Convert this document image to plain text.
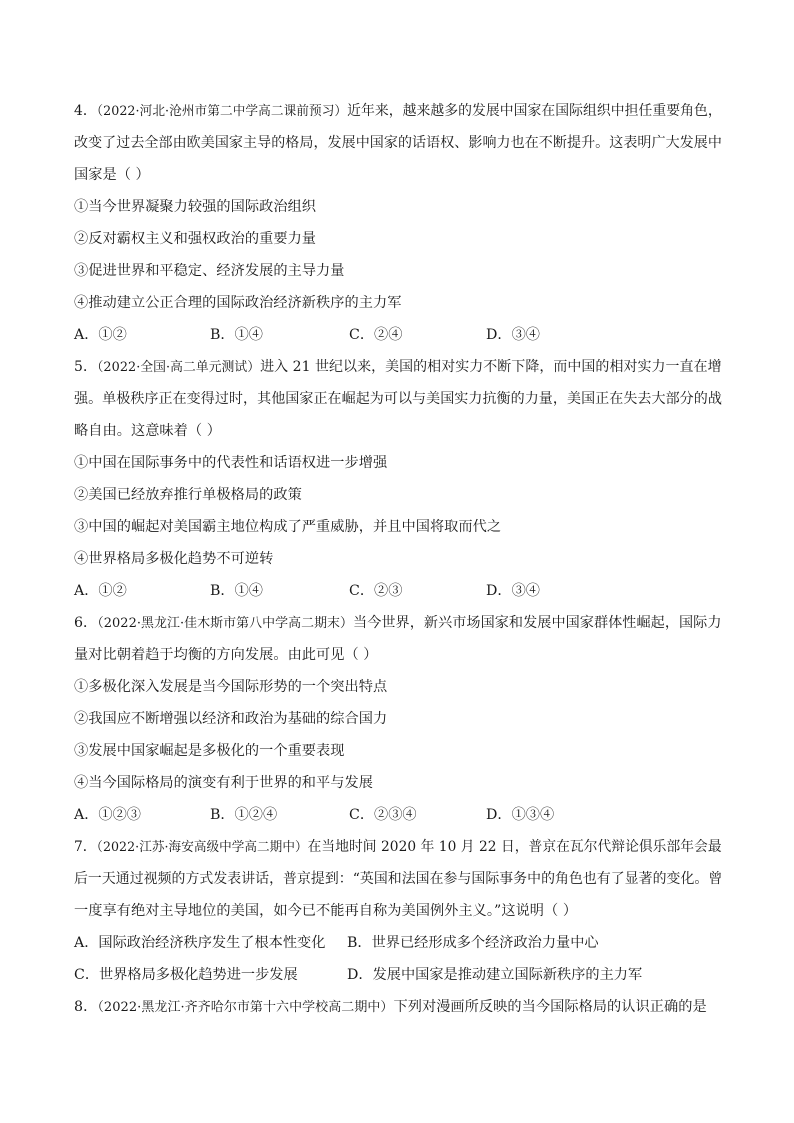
4．（2022·河北·沧州市第二中学高二课前预习）近年来，越来越多的发展中国家在国际组织中担任重要角色，
改变了过去全部由欧美国家主导的格局，发展中国家的话语权、影响力也在不断提升。这表明广大发展中
国家是（ ）
①当今世界凝聚力较强的国际政治组织
②反对霸权主义和强权政治的重要力量
③促进世界和平稳定、经济发展的主导力量
④推动建立公正合理的国际政治经济新秩序的主力军
A．①②	B．①④	C．②④	D．③④
5．（2022·全国·高二单元测试）进入 21 世纪以来，美国的相对实力不断下降，而中国的相对实力一直在增
强。单极秩序正在变得过时，其他国家正在崛起为可以与美国实力抗衡的力量，美国正在失去大部分的战
略自由。这意味着（ ）
①中国在国际事务中的代表性和话语权进一步增强
②美国已经放弃推行单极格局的政策
③中国的崛起对美国霸主地位构成了严重威胁，并且中国将取而代之
④世界格局多极化趋势不可逆转
A．①②	B．①④	C．②③	D．③④
6．（2022·黑龙江·佳木斯市第八中学高二期末）当今世界，新兴市场国家和发展中国家群体性崛起，国际力
量对比朝着趋于均衡的方向发展。由此可见（ ）
①多极化深入发展是当今国际形势的一个突出特点
②我国应不断增强以经济和政治为基础的综合国力
③发展中国家崛起是多极化的一个重要表现
④当今国际格局的演变有利于世界的和平与发展
A．①②③	B．①②④	C．②③④	D．①③④
7．（2022·江苏·海安高级中学高二期中）在当地时间 2020 年 10 月 22 日，普京在瓦尔代辩论俱乐部年会最
后一天通过视频的方式发表讲话，普京提到：“英国和法国在参与国际事务中的角色也有了显著的变化。曾
一度享有绝对主导地位的美国，如今已不能再自称为美国例外主义。”这说明（ ）
A．国际政治经济秩序发生了根本性变化 B．世界已经形成多个经济政治力量中心
C．世界格局多极化趋势进一步发展	D．发展中国家是推动建立国际新秩序的主力军
8．（2022·黑龙江·齐齐哈尔市第十六中学校高二期中）下列对漫画所反映的当今国际格局的认识正确的是
